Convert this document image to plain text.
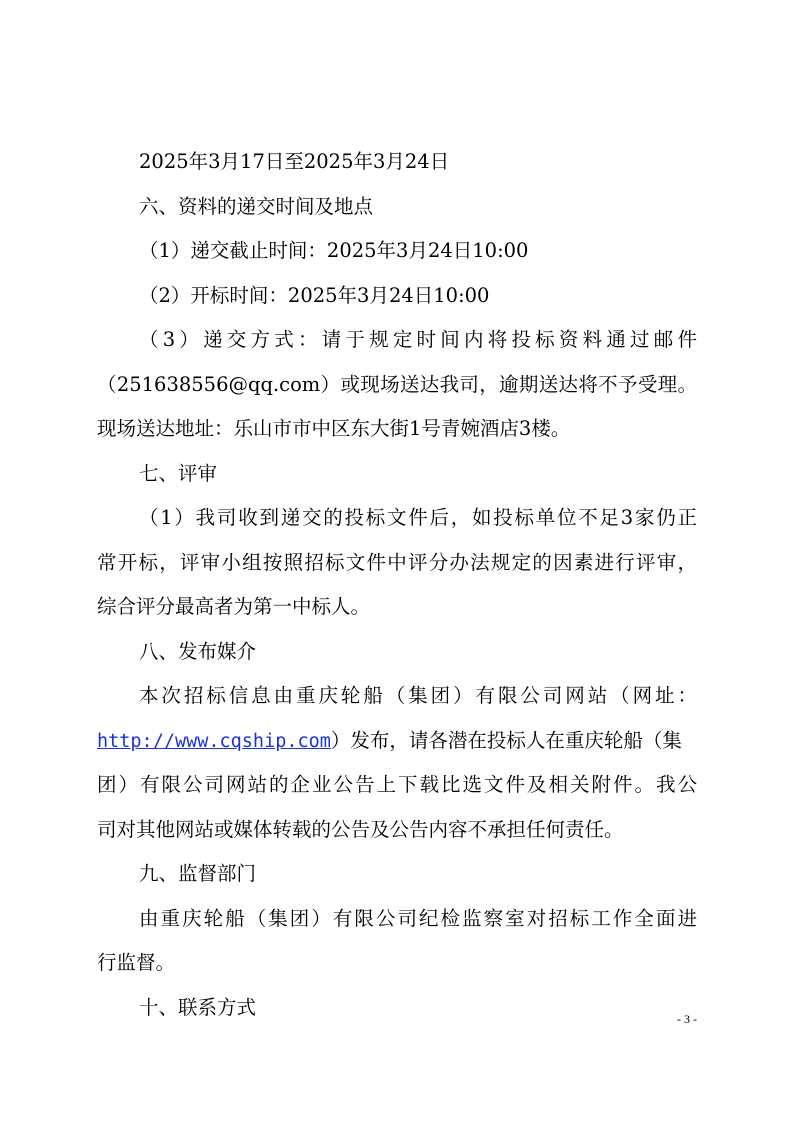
2025年3月17日至2025年3月24日
六、资料的递交时间及地点
（1）递交截止时间：2025年3月24日10:00
（2）开标时间：2025年3月24日10:00
（3）递交方式：请于规定时间内将投标资料通过邮件
（251638556@qq.com）或现场送达我司，逾期送达将不予受理。
现场送达地址：乐山市市中区东大街1号青婉酒店3楼。
七、评审
（1）我司收到递交的投标文件后，如投标单位不足3家仍正
常开标，评审小组按照招标文件中评分办法规定的因素进行评审，
综合评分最高者为第一中标人。
八、发布媒介
本次招标信息由重庆轮船（集团）有限公司网站（网址：
http://www.cqship.com）发布，请各潜在投标人在重庆轮船（集
团）有限公司网站的企业公告上下载比选文件及相关附件。我公
司对其他网站或媒体转载的公告及公告内容不承担任何责任。
九、监督部门
由重庆轮船（集团）有限公司纪检监察室对招标工作全面进
行监督。
十、联系方式
- 3 -
